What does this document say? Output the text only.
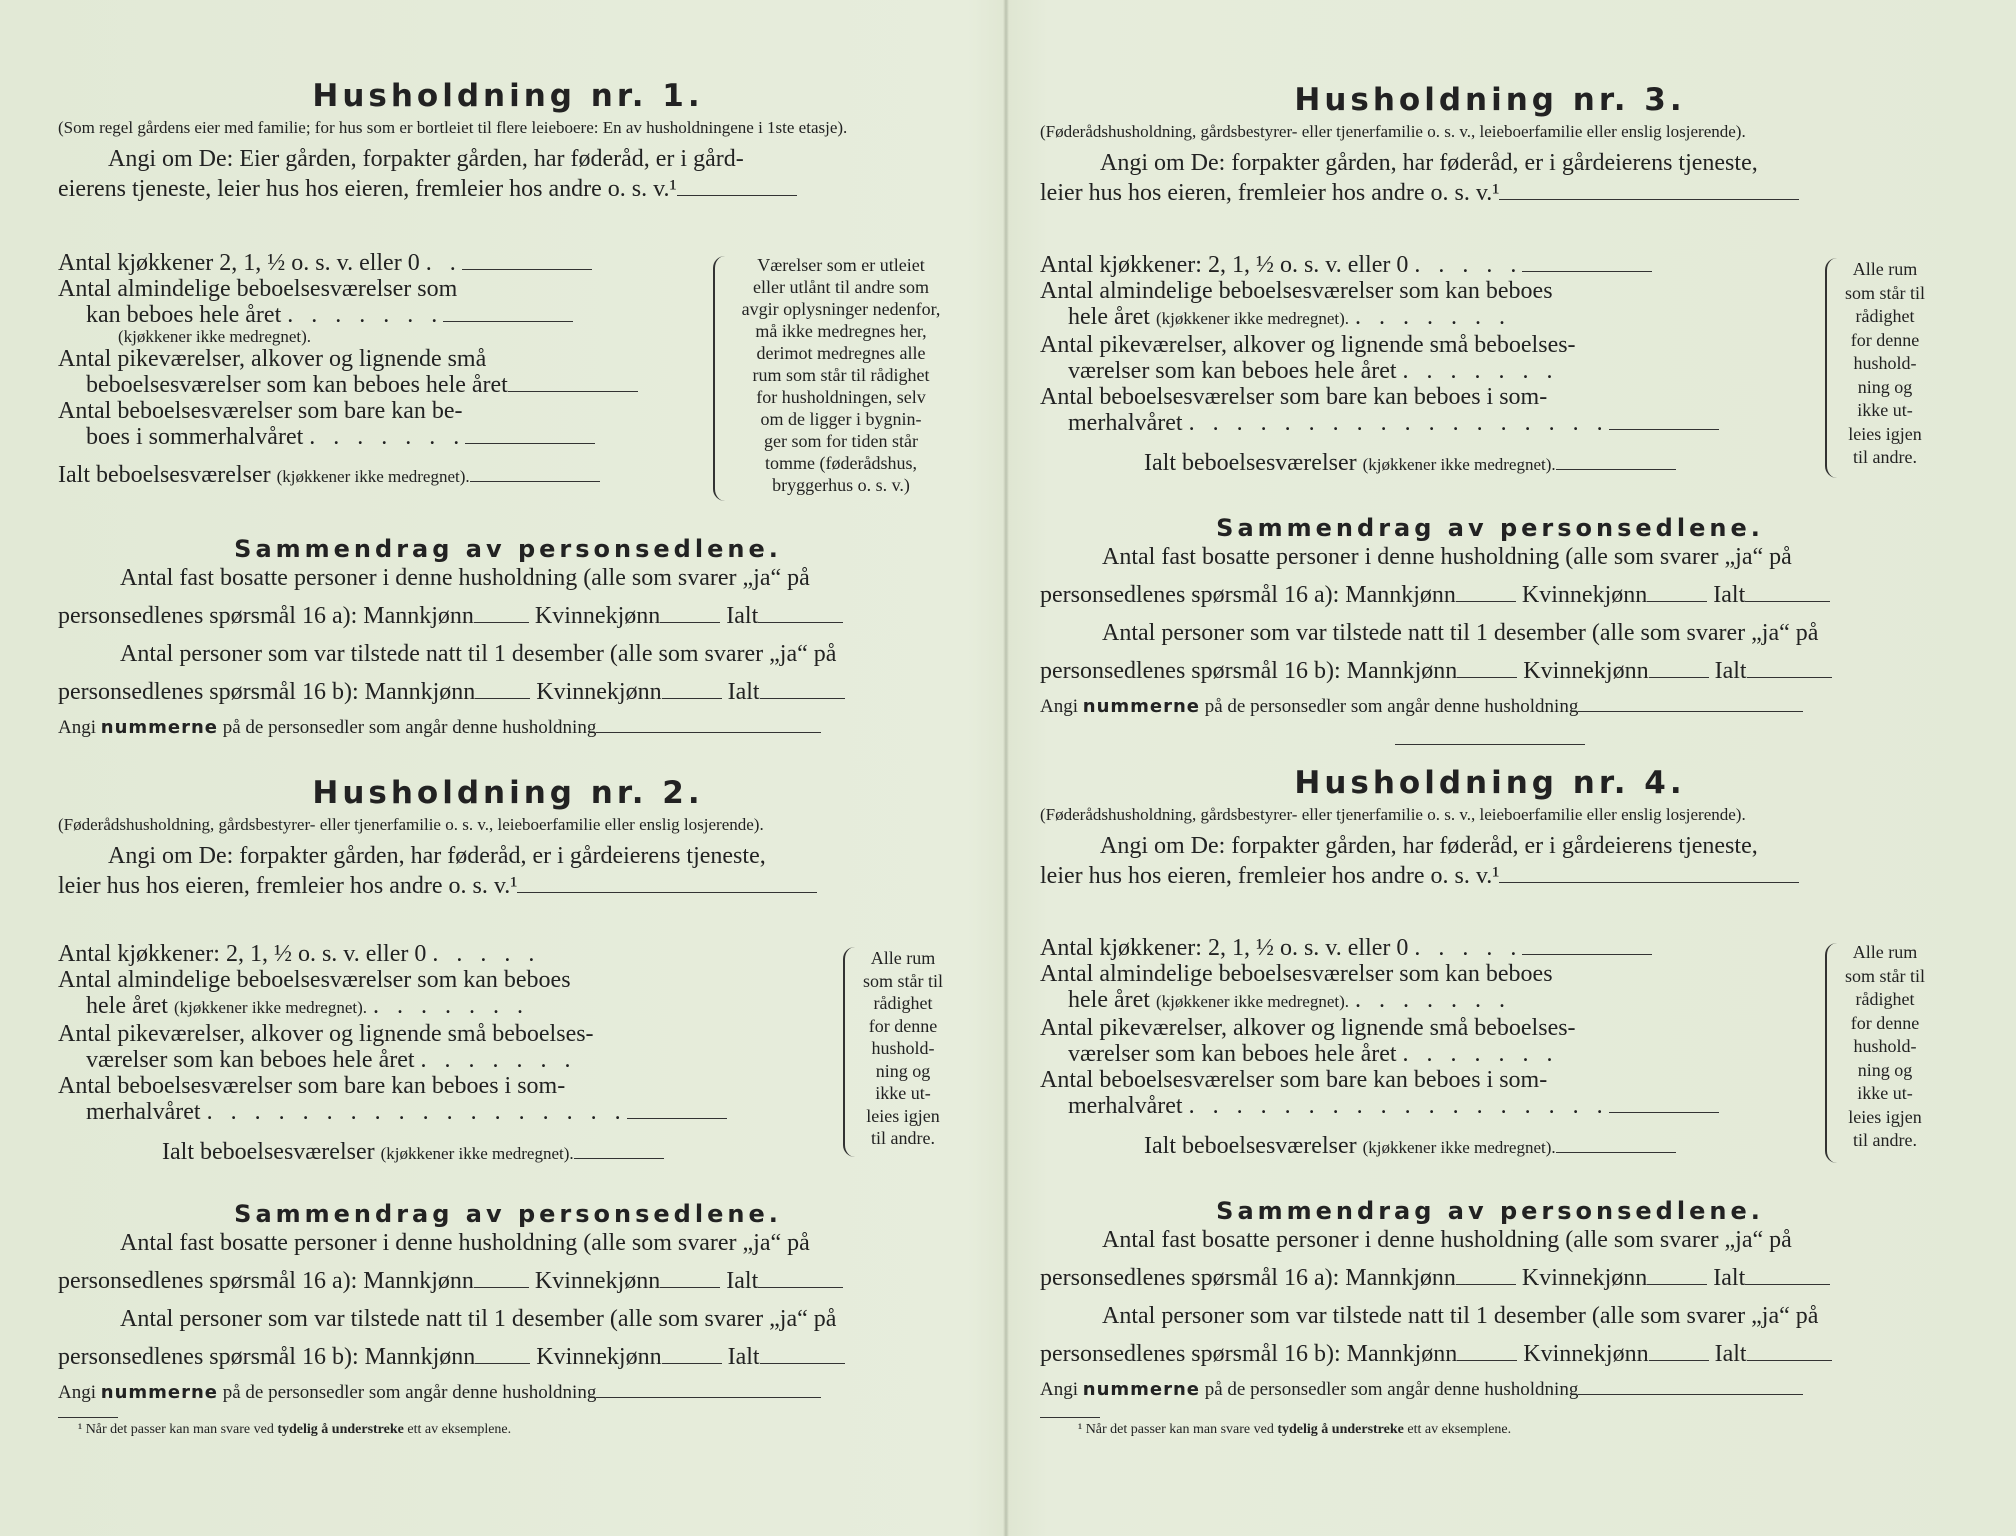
Husholdning nr. 1.
(Som regel gårdens eier med familie; for hus som er bortleiet til flere leieboere: En av husholdningene i 1ste etasje).
Angi om De: Eier gården, forpakter gården, har føderåd, er i gård-
eierens tjeneste, leier hus hos eieren, fremleier hos andre o. s. v.¹
Antal kjøkkener 2, 1, ½ o. s. v. eller 0 . .
Antal almindelige beboelsesværelser som
kan beboes hele året . . . . . . .
(kjøkkener ikke medregnet).
Antal pikeværelser, alkover og lignende små
beboelsesværelser som kan beboes hele året
Antal beboelsesværelser som bare kan be-
boes i sommerhalvåret . . . . . . .
Ialt beboelsesværelser (kjøkkener ikke medregnet).
Værelser som er utleiet
eller utlånt til andre som
avgir oplysninger nedenfor,
må ikke medregnes her,
derimot medregnes alle
rum som står til rådighet
for husholdningen, selv
om de ligger i bygnin-
ger som for tiden står
tomme (føderådshus,
bryggerhus o. s. v.)
Sammendrag av personsedlene.
Antal fast bosatte personer i denne husholdning (alle som svarer „ja“ på
personsedlenes spørsmål 16 a): Mannkjønn	Kvinnekjønn	Ialt
Antal personer som var tilstede natt til 1 desember (alle som svarer „ja“ på
personsedlenes spørsmål 16 b): Mannkjønn	Kvinnekjønn	Ialt
Angi nummerne på de personsedler som angår denne husholdning
Husholdning nr. 2.
(Føderådshusholdning, gårdsbestyrer- eller tjenerfamilie o. s. v., leieboerfamilie eller enslig losjerende).
Angi om De: forpakter gården, har føderåd, er i gårdeierens tjeneste,
leier hus hos eieren, fremleier hos andre o. s. v.¹
Antal kjøkkener: 2, 1, ½ o. s. v. eller 0 . . . . .
Antal almindelige beboelsesværelser som kan beboes
hele året (kjøkkener ikke medregnet). . . . . . . .
Antal pikeværelser, alkover og lignende små beboelses-
værelser som kan beboes hele året . . . . . . .
Antal beboelsesværelser som bare kan beboes i som-
merhalvåret . . . . . . . . . . . . . . . . . .
Ialt beboelsesværelser (kjøkkener ikke medregnet).
Alle rum
som står til
rådighet
for denne
hushold-
ning og
ikke ut-
leies igjen
til andre.
Sammendrag av personsedlene.
Antal fast bosatte personer i denne husholdning (alle som svarer „ja“ på
personsedlenes spørsmål 16 a): Mannkjønn	Kvinnekjønn	Ialt
Antal personer som var tilstede natt til 1 desember (alle som svarer „ja“ på
personsedlenes spørsmål 16 b): Mannkjønn	Kvinnekjønn	Ialt
Angi nummerne på de personsedler som angår denne husholdning
¹ Når det passer kan man svare ved tydelig å understreke ett av eksemplene.
Husholdning nr. 3.
(Føderådshusholdning, gårdsbestyrer- eller tjenerfamilie o. s. v., leieboerfamilie eller enslig losjerende).
Angi om De: forpakter gården, har føderåd, er i gårdeierens tjeneste,
leier hus hos eieren, fremleier hos andre o. s. v.¹
Antal kjøkkener: 2, 1, ½ o. s. v. eller 0 . . . . .
Antal almindelige beboelsesværelser som kan beboes
hele året (kjøkkener ikke medregnet). . . . . . . .
Antal pikeværelser, alkover og lignende små beboelses-
værelser som kan beboes hele året . . . . . . .
Antal beboelsesværelser som bare kan beboes i som-
merhalvåret . . . . . . . . . . . . . . . . . .
Ialt beboelsesværelser (kjøkkener ikke medregnet).
Alle rum
som står til
rådighet
for denne
hushold-
ning og
ikke ut-
leies igjen
til andre.
Sammendrag av personsedlene.
Antal fast bosatte personer i denne husholdning (alle som svarer „ja“ på
personsedlenes spørsmål 16 a): Mannkjønn	Kvinnekjønn	Ialt
Antal personer som var tilstede natt til 1 desember (alle som svarer „ja“ på
personsedlenes spørsmål 16 b): Mannkjønn	Kvinnekjønn	Ialt
Angi nummerne på de personsedler som angår denne husholdning
Husholdning nr. 4.
(Føderådshusholdning, gårdsbestyrer- eller tjenerfamilie o. s. v., leieboerfamilie eller enslig losjerende).
Angi om De: forpakter gården, har føderåd, er i gårdeierens tjeneste,
leier hus hos eieren, fremleier hos andre o. s. v.¹
Antal kjøkkener: 2, 1, ½ o. s. v. eller 0 . . . . .
Antal almindelige beboelsesværelser som kan beboes
hele året (kjøkkener ikke medregnet). . . . . . . .
Antal pikeværelser, alkover og lignende små beboelses-
værelser som kan beboes hele året . . . . . . .
Antal beboelsesværelser som bare kan beboes i som-
merhalvåret . . . . . . . . . . . . . . . . . .
Ialt beboelsesværelser (kjøkkener ikke medregnet).
Alle rum
som står til
rådighet
for denne
hushold-
ning og
ikke ut-
leies igjen
til andre.
Sammendrag av personsedlene.
Antal fast bosatte personer i denne husholdning (alle som svarer „ja“ på
personsedlenes spørsmål 16 a): Mannkjønn	Kvinnekjønn	Ialt
Antal personer som var tilstede natt til 1 desember (alle som svarer „ja“ på
personsedlenes spørsmål 16 b): Mannkjønn	Kvinnekjønn	Ialt
Angi nummerne på de personsedler som angår denne husholdning
¹ Når det passer kan man svare ved tydelig å understreke ett av eksemplene.
